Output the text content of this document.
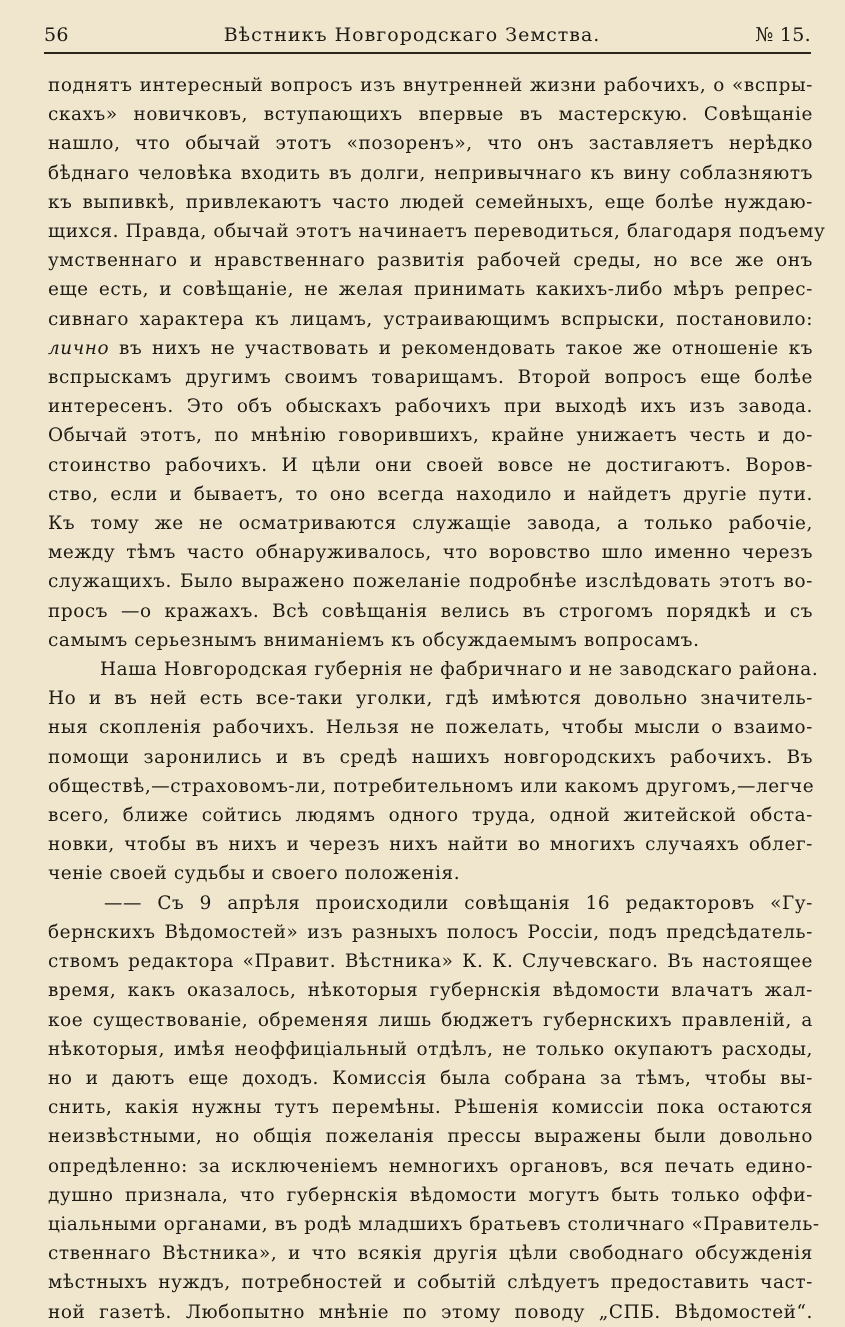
56	Вѣстникъ Новгородскаго Земства.	№ 15.
поднятъ интересный вопросъ изъ внутренней жизни рабочихъ, о «вспры-
скахъ» новичковъ, вступающихъ впервые въ мастерскую. Совѣщаніе
нашло, что обычай этотъ «позоренъ», что онъ заставляетъ нерѣдко
бѣднаго человѣка входить въ долги, непривычнаго къ вину соблазняютъ
къ выпивкѣ, привлекаютъ часто людей семейныхъ, еще болѣе нуждаю-
щихся. Правда, обычай этотъ начинаетъ переводиться, благодаря подъему
умственнаго и нравственнаго развитія рабочей среды, но все же онъ
еще есть, и совѣщаніе, не желая принимать какихъ-либо мѣръ репрес-
сивнаго характера къ лицамъ, устраивающимъ вспрыски, постановило:
лично въ нихъ не участвовать и рекомендовать такое же отношеніе къ
вспрыскамъ другимъ своимъ товарищамъ. Второй вопросъ еще болѣе
интересенъ. Это объ обыскахъ рабочихъ при выходѣ ихъ изъ завода.
Обычай этотъ, по мнѣнію говорившихъ, крайне унижаетъ честь и до-
стоинство рабочихъ. И цѣли они своей вовсе не достигаютъ. Воров-
ство, если и бываетъ, то оно всегда находило и найдетъ другіе пути.
Къ тому же не осматриваются служащіе завода, а только рабочіе,
между тѣмъ часто обнаруживалось, что воровство шло именно черезъ
служащихъ. Было выражено пожеланіе подробнѣе изслѣдовать этотъ во-
просъ —о кражахъ. Всѣ совѣщанія велись въ строгомъ порядкѣ и съ
самымъ серьезнымъ вниманіемъ къ обсуждаемымъ вопросамъ.
Наша Новгородская губернія не фабричнаго и не заводскаго района.
Но и въ ней есть все-таки уголки, гдѣ имѣются довольно значитель-
ныя скопленія рабочихъ. Нельзя не пожелать, чтобы мысли о взаимо-
помощи заронились и въ средѣ нашихъ новгородскихъ рабочихъ. Въ
обществѣ,—страховомъ-ли, потребительномъ или какомъ другомъ,—легче
всего, ближе сойтись людямъ одного труда, одной житейской обста-
новки, чтобы въ нихъ и черезъ нихъ найти во многихъ случаяхъ облег-
ченіе своей судьбы и своего положенія.
—— Съ 9 апрѣля происходили совѣщанія 16 редакторовъ «Гу-
бернскихъ Вѣдомостей» изъ разныхъ полосъ Россіи, подъ предсѣдатель-
ствомъ редактора «Правит. Вѣстника» К. К. Случевскаго. Въ настоящее
время, какъ оказалось, нѣкоторыя губернскія вѣдомости влачатъ жал-
кое существованіе, обременяя лишь бюджетъ губернскихъ правленій, а
нѣкоторыя, имѣя неоффиціальный отдѣлъ, не только окупаютъ расходы,
но и даютъ еще доходъ. Комиссія была собрана за тѣмъ, чтобы вы-
снить, какія нужны тутъ перемѣны. Рѣшенія комиссіи пока остаются
неизвѣстными, но общія пожеланія прессы выражены были довольно
опредѣленно: за исключеніемъ немногихъ органовъ, вся печать едино-
душно признала, что губернскія вѣдомости могутъ быть только оффи-
ціальными органами, въ родѣ младшихъ братьевъ столичнаго «Правитель-
ственнаго Вѣстника», и что всякія другія цѣли свободнаго обсужденія
мѣстныхъ нуждъ, потребностей и событій слѣдуетъ предоставить част-
ной газетѣ. Любопытно мнѣніе по этому поводу „СПБ. Вѣдомостей“.
